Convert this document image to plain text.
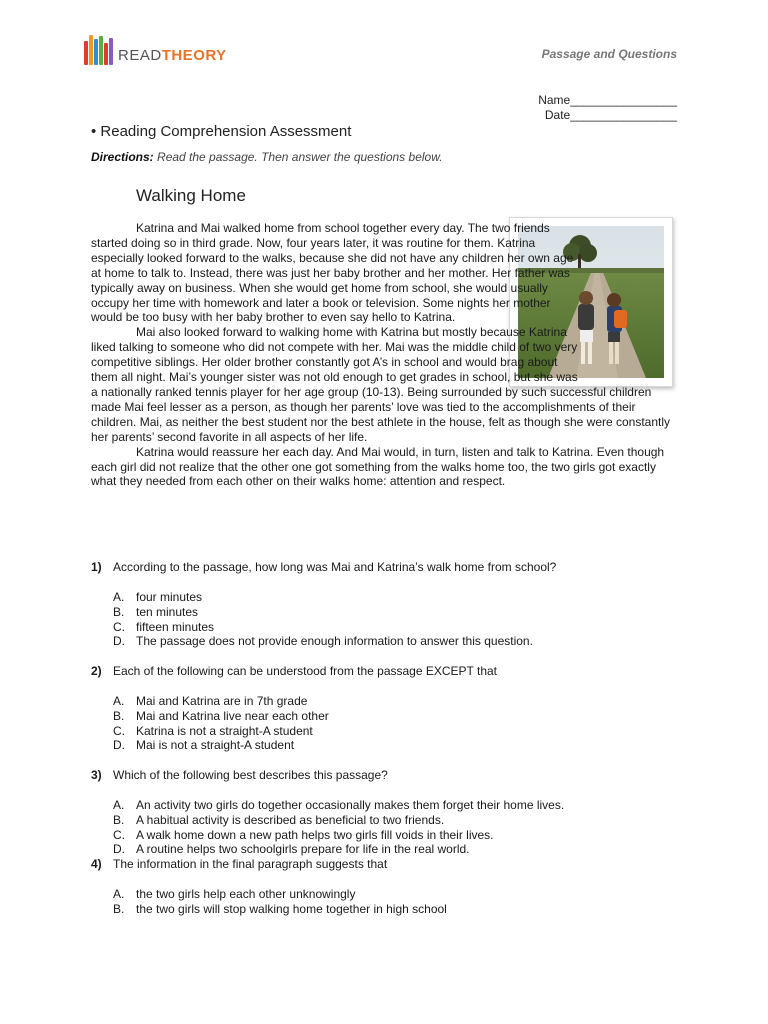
READTHEORY	Passage and Questions
Name________________
Date________________
• Reading Comprehension Assessment
Directions: Read the passage. Then answer the questions below.
Walking Home

Katrina and Mai walked home from school together every day. The two friends started doing so in third grade. Now, four years later, it was routine for them. Katrina especially looked forward to the walks, because she did not have any children her own age at home to talk to. Instead, there was just her baby brother and her mother. Her father was typically away on business. When she would get home from school, she would usually occupy her time with homework and later a book or television. Some nights her mother would be too busy with her baby brother to even say hello to Katrina.

Mai also looked forward to walking home with Katrina but mostly because Katrina liked talking to someone who did not compete with her. Mai was the middle child of two very competitive siblings. Her older brother constantly got A’s in school and would brag about them all night. Mai’s younger sister was not old enough to get grades in school, but she was a nationally ranked tennis player for her age group (10-13). Being surrounded by such successful children made Mai feel lesser as a person, as though her parents’ love was tied to the accomplishments of their children. Mai, as neither the best student nor the best athlete in the house, felt as though she were constantly her parents’ second favorite in all aspects of her life.

Katrina would reassure her each day. And Mai would, in turn, listen and talk to Katrina. Even though each girl did not realize that the other one got something from the walks home too, the two girls got exactly what they needed from each other on their walks home: attention and respect.

1) According to the passage, how long was Mai and Katrina’s walk home from school?
A. four minutes
B. ten minutes
C. fifteen minutes
D. The passage does not provide enough information to answer this question.
2) Each of the following can be understood from the passage EXCEPT that
A. Mai and Katrina are in 7th grade
B. Mai and Katrina live near each other
C. Katrina is not a straight-A student
D. Mai is not a straight-A student
3) Which of the following best describes this passage?
A. An activity two girls do together occasionally makes them forget their home lives.
B. A habitual activity is described as beneficial to two friends.
C. A walk home down a new path helps two girls fill voids in their lives.
D. A routine helps two schoolgirls prepare for life in the real world.
4) The information in the final paragraph suggests that
A. the two girls help each other unknowingly
B. the two girls will stop walking home together in high school
